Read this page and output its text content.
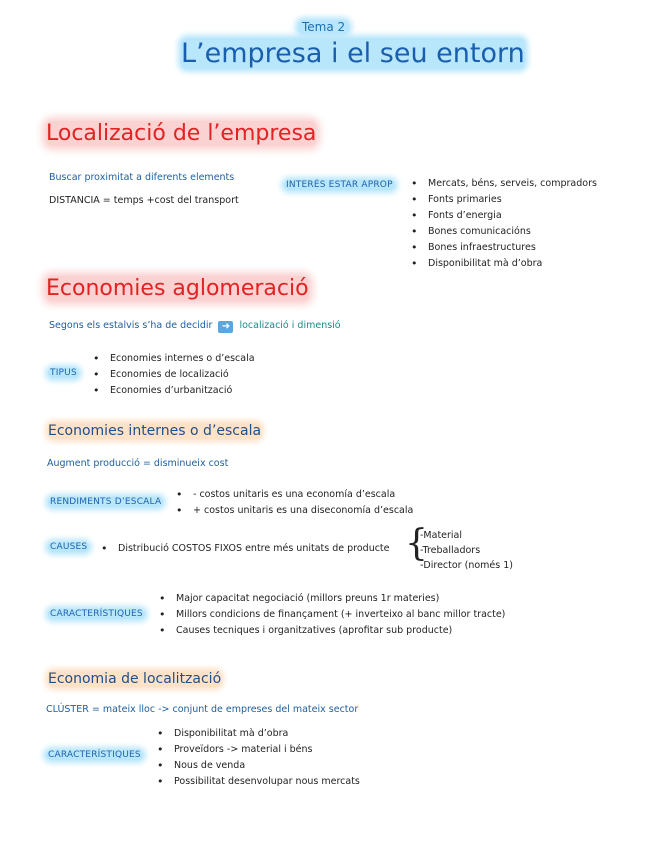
Tema 2
L’empresa i el seu entorn
Localizació de l’empresa
Buscar proximitat a diferents elements
DISTANCIA = temps +cost del transport
INTERÉS ESTAR APROP	• Mercats, béns, serveis, compradors
• Fonts primaries
• Fonts d’energia
• Bones comunicacións
• Bones infraestructures
• Disponibilitat mà d’obra
Economies aglomeració
Segons els estalvis s’ha de decidir ➜ localizació i dimensió
TIPUS
• Economies internes o d’escala
• Economies de localizació
• Economies d’urbanització
Economies internes o d’escala
Augment producció = disminueix cost
RENDIMENTS D’ESCALA
• - costos unitaris es una economía d’escala
• + costos unitaris es una diseconomía d’escala
CAUSES	• Distribució COSTOS FIXOS entre més unitats de producte {
-Material
-Treballadors
-Director (només 1)
CARACTERÍSTIQUES
• Major capacitat negociació (millors preuns 1r materies)
• Millors condicions de finançament (+ inverteixo al banc millor tracte)
• Causes tecniques i organitzatives (aprofitar sub producte)
Economia de localització
CLÚSTER = mateix lloc -> conjunt de empreses del mateix sector
CARACTERÍSTIQUES
• Disponibilitat mà d’obra
• Proveïdors -> material i béns
• Nous de venda
• Possibilitat desenvolupar nous mercats
